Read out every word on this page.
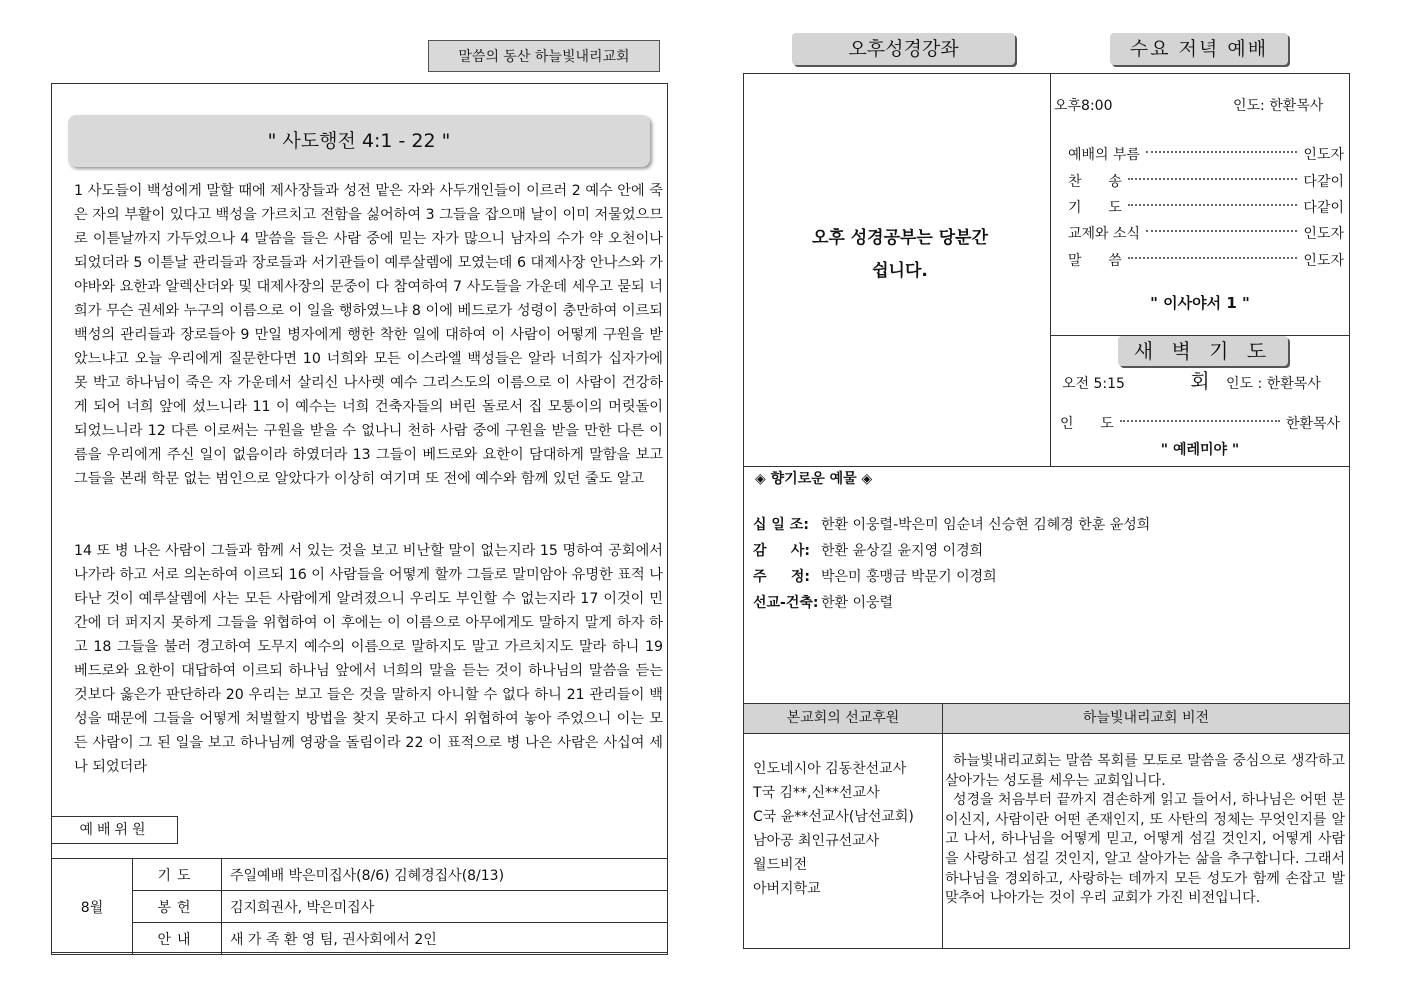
말씀의 동산 하늘빛내리교회
" 사도행전 4:1 - 22 "
1 사도들이 백성에게 말할 때에 제사장들과 성전 맡은 자와 사두개인들이 이르러 2 예수 안에 죽은 자의 부활이 있다고 백성을 가르치고 전함을 싫어하여 3 그들을 잡으매 날이 이미 저물었으므로 이튿날까지 가두었으나 4 말씀을 들은 사람 중에 믿는 자가 많으니 남자의 수가 약 오천이나 되었더라 5 이튿날 관리들과 장로들과 서기관들이 예루살렘에 모였는데 6 대제사장 안나스와 가야바와 요한과 알렉산더와 및 대제사장의 문중이 다 참여하여 7 사도들을 가운데 세우고 묻되 너희가 무슨 권세와 누구의 이름으로 이 일을 행하였느냐 8 이에 베드로가 성령이 충만하여 이르되 백성의 관리들과 장로들아 9 만일 병자에게 행한 착한 일에 대하여 이 사람이 어떻게 구원을 받았느냐고 오늘 우리에게 질문한다면 10 너희와 모든 이스라엘 백성들은 알라 너희가 십자가에 못 박고 하나님이 죽은 자 가운데서 살리신 나사렛 예수 그리스도의 이름으로 이 사람이 건강하게 되어 너희 앞에 섰느니라 11 이 예수는 너희 건축자들의 버린 돌로서 집 모퉁이의 머릿돌이 되었느니라 12 다른 이로써는 구원을 받을 수 없나니 천하 사람 중에 구원을 받을 만한 다른 이름을 우리에게 주신 일이 없음이라 하였더라 13 그들이 베드로와 요한이 담대하게 말함을 보고 그들을 본래 학문 없는 범인으로 알았다가 이상히 여기며 또 전에 예수와 함께 있던 줄도 알고
14 또 병 나은 사람이 그들과 함께 서 있는 것을 보고 비난할 말이 없는지라 15 명하여 공회에서 나가라 하고 서로 의논하여 이르되 16 이 사람들을 어떻게 할까 그들로 말미암아 유명한 표적 나타난 것이 예루살렘에 사는 모든 사람에게 알려졌으니 우리도 부인할 수 없는지라 17 이것이 민간에 더 퍼지지 못하게 그들을 위협하여 이 후에는 이 이름으로 아무에게도 말하지 말게 하자 하고 18 그들을 불러 경고하여 도무지 예수의 이름으로 말하지도 말고 가르치지도 말라 하니 19 베드로와 요한이 대답하여 이르되 하나님 앞에서 너희의 말을 듣는 것이 하나님의 말씀을 듣는 것보다 옳은가 판단하라 20 우리는 보고 들은 것을 말하지 아니할 수 없다 하니 21 관리들이 백성을 때문에 그들을 어떻게 처벌할지 방법을 찾지 못하고 다시 위협하여 놓아 주었으니 이는 모든 사람이 그 된 일을 보고 하나님께 영광을 돌림이라 22 이 표적으로 병 나은 사람은 사십여 세나 되었더라
예배위원
8월	기도	주일예배 박은미집사(8/6) 김혜경집사(8/13)
	봉헌	김지희권사, 박은미집사
	안내	새 가 족 환 영 팀, 권사회에서 2인
오후성경강좌	수요 저녁 예배
오후 성경공부는 당분간
쉽니다.
오후8:00	인도: 한환목사
예배의 부름	인도자
찬      송	다같이
기      도	다같이
교제와 소식	인도자
말      씀	인도자
" 이사야서 1 "
새 벽 기 도 회
오전 5:15	인도 : 한환목사
인      도	한환목사
" 예레미야 "
◈ 향기로운 예물 ◈
십 일 조: 한환 이웅렬-박은미 임순녀 신승현 김혜경 한훈 윤성희
감     사: 한환 윤상길 윤지영 이경희
주     정: 박은미 홍맹금 박문기 이경희
선교-건축: 한환 이웅렬
본교회의 선교후원	하늘빛내리교회 비전
인도네시아 김동찬선교사
T국 김**,신**선교사
C국 윤**선교사(남선교회)
남아공 최인규선교사
월드비전
아버지학교
하늘빛내리교회는 말씀 목회를 모토로 말씀을 중심으로 생각하고 살아가는 성도를 세우는 교회입니다.
성경을 처음부터 끝까지 겸손하게 읽고 들어서, 하나님은 어떤 분이신지, 사람이란 어떤 존재인지, 또 사탄의 정체는 무엇인지를 알고 나서, 하나님을 어떻게 믿고, 어떻게 섬길 것인지, 어떻게 사람을 사랑하고 섬길 것인지, 알고 살아가는 삶을 추구합니다. 그래서 하나님을 경외하고, 사랑하는 데까지 모든 성도가 함께 손잡고 발 맞추어 나아가는 것이 우리 교회가 가진 비전입니다.
